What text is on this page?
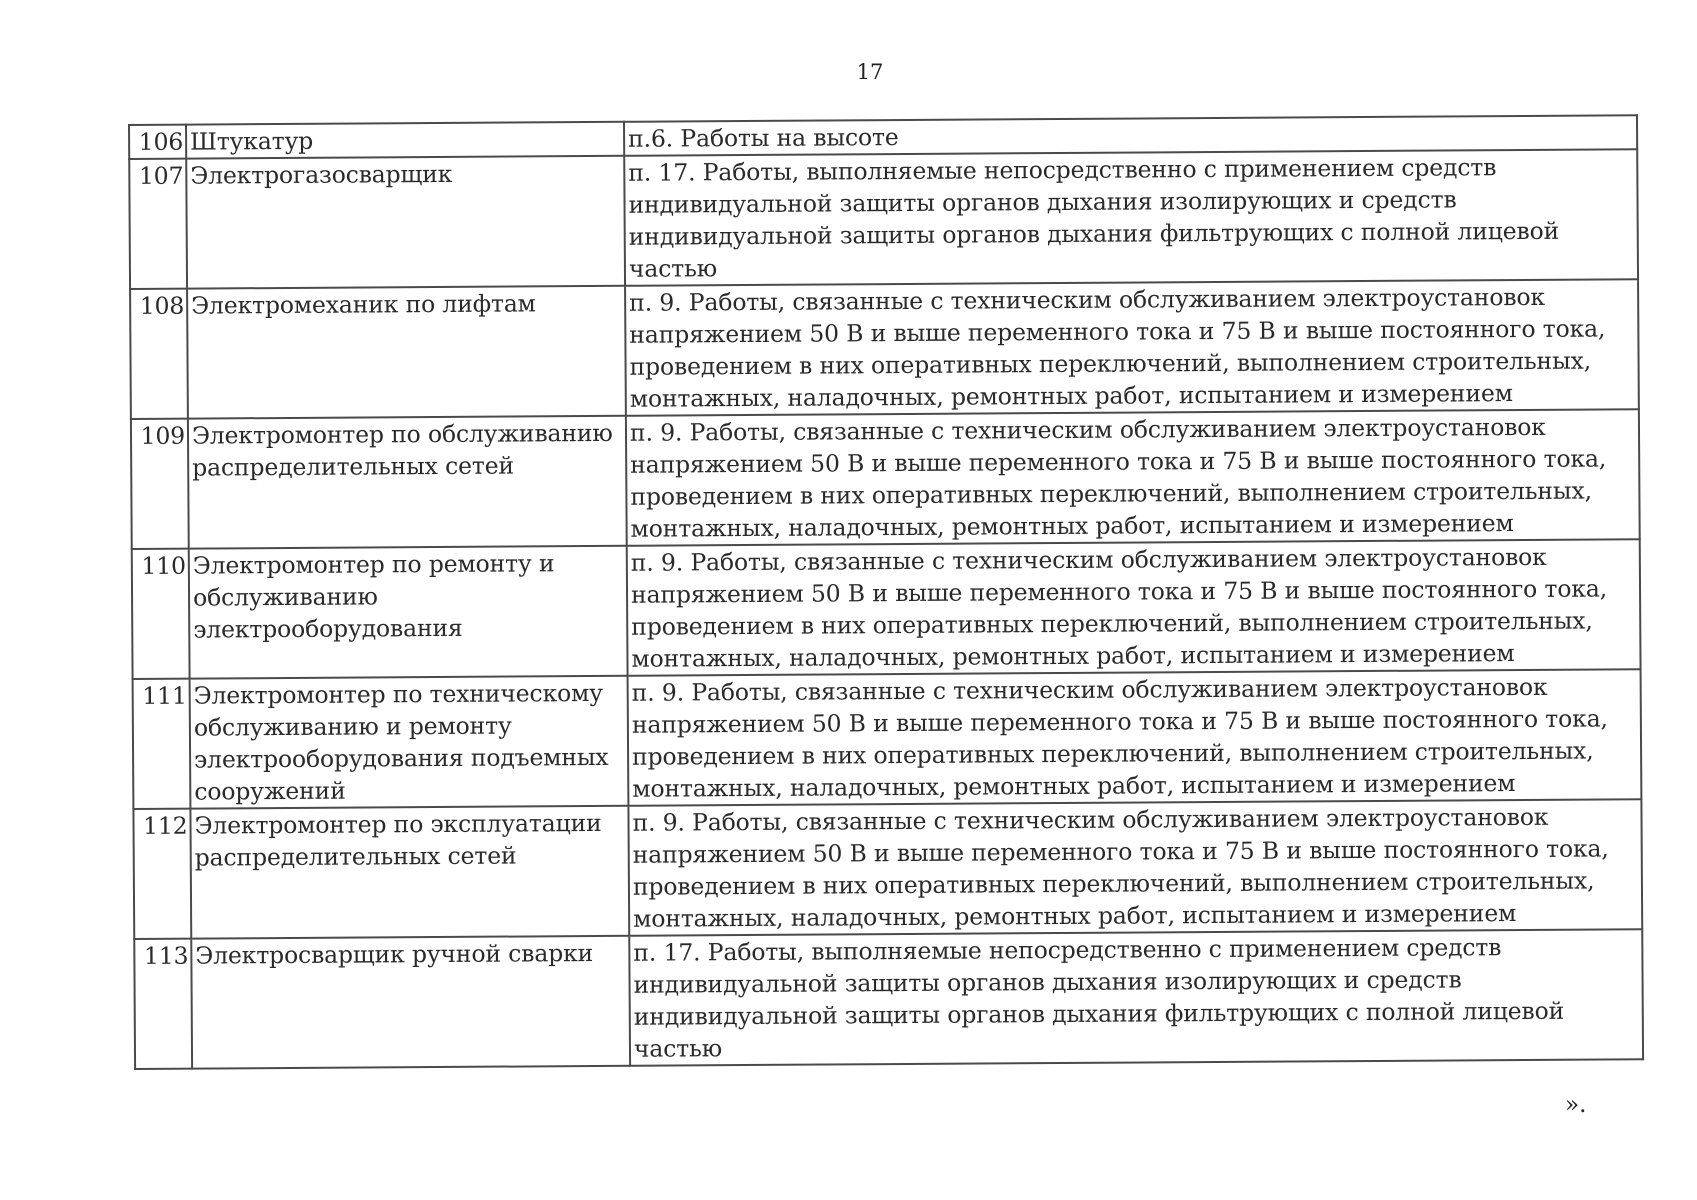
17
106	Штукатур	п.6. Работы на высоте
107	Электрогазосварщик	п. 17. Работы, выполняемые непосредственно с применением средств индивидуальной защиты органов дыхания изолирующих и средств индивидуальной защиты органов дыхания фильтрующих с полной лицевой частью
108	Электромеханик по лифтам	п. 9. Работы, связанные с техническим обслуживанием электроустановок напряжением 50 В и выше переменного тока и 75 В и выше постоянного тока, проведением в них оперативных переключений, выполнением строительных, монтажных, наладочных, ремонтных работ, испытанием и измерением
109	Электромонтер по обслуживанию распределительных сетей	п. 9. Работы, связанные с техническим обслуживанием электроустановок напряжением 50 В и выше переменного тока и 75 В и выше постоянного тока, проведением в них оперативных переключений, выполнением строительных, монтажных, наладочных, ремонтных работ, испытанием и измерением
110	Электромонтер по ремонту и обслуживанию электрооборудования	п. 9. Работы, связанные с техническим обслуживанием электроустановок напряжением 50 В и выше переменного тока и 75 В и выше постоянного тока, проведением в них оперативных переключений, выполнением строительных, монтажных, наладочных, ремонтных работ, испытанием и измерением
111	Электромонтер по техническому обслуживанию и ремонту электрооборудования подъемных сооружений	п. 9. Работы, связанные с техническим обслуживанием электроустановок напряжением 50 В и выше переменного тока и 75 В и выше постоянного тока, проведением в них оперативных переключений, выполнением строительных, монтажных, наладочных, ремонтных работ, испытанием и измерением
112	Электромонтер по эксплуатации распределительных сетей	п. 9. Работы, связанные с техническим обслуживанием электроустановок напряжением 50 В и выше переменного тока и 75 В и выше постоянного тока, проведением в них оперативных переключений, выполнением строительных, монтажных, наладочных, ремонтных работ, испытанием и измерением
113	Электросварщик ручной сварки	п. 17. Работы, выполняемые непосредственно с применением средств индивидуальной защиты органов дыхания изолирующих и средств индивидуальной защиты органов дыхания фильтрующих с полной лицевой частью
».
